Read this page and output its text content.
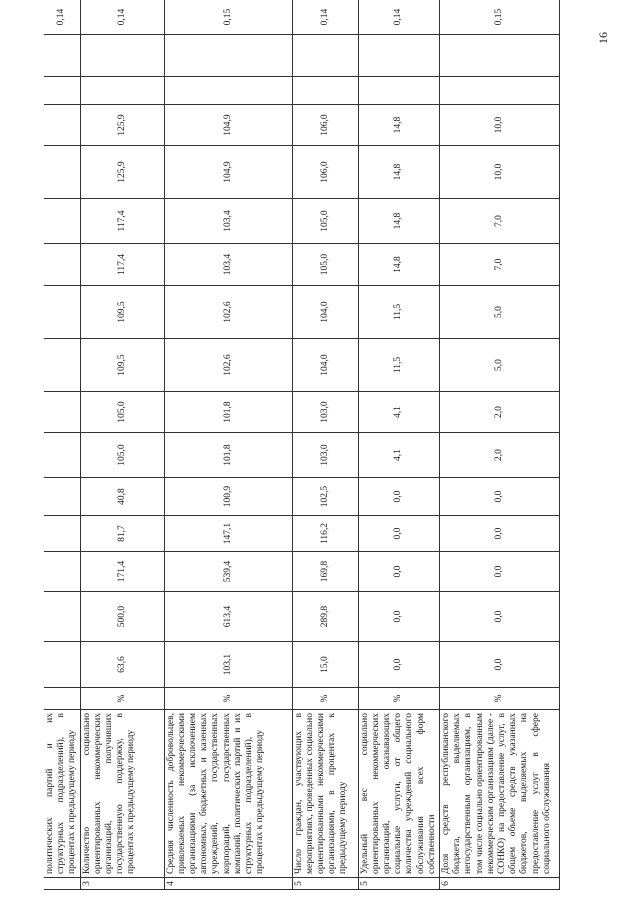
16
	политических партий и их структурных подразделений), в процентах к предыдущему периоду																	0,14
3	Количество социально ориентированных некоммерческих организаций, получивших государственную поддержку, в процентах к предыдущему периоду	%	63,6	500,0	171,4	81,7	40,8	105,0	105,0	109,5	109,5	117,4	117,4	125,9	125,9			0,14
4	Средняя численность добровольцев, привлекаемых некоммерческими организациями (за исключением автономных, бюджетных и казенных учреждений, государственных корпораций, государственных компаний, политических партий и их структурных подразделений), в процентах к предыдущему периоду	%	103,1	613,4	539,4	147,1	100,9	101,8	101,8	102,6	102,6	103,4	103,4	104,9	104,9			0,15
5	Число граждан, участвующих в мероприятиях, проведенных социально ориентированными некоммерческими организациями, в процентах к предыдущему периоду	%	15,0	289,8	169,8	116,2	102,5	103,0	103,0	104,0	104,0	105,0	105,0	106,0	106,0			0,14
5	Удельный вес социально ориентированных некоммерческих организаций, оказывающих социальные услуги, от общего количества учреждений социального обслуживания всех форм собственности	%	0,0	0,0	0,0	0,0	0,0	4,1	4,1	11,5	11,5	14,8	14,8	14,8	14,8			0,14
6	Доля средств республиканского бюджета, выделяемых негосударственным организациям, в том числе социально ориентированным некоммерческим организациям (далее - СОНКО) на предоставление услуг, в общем объеме средств указанных бюджетов, выделяемых на предоставление услуг в сфере социального обслуживания	%	0,0	0,0	0,0	0,0	0,0	2,0	2,0	5,0	5,0	7,0	7,0	10,0	10,0			0,15
